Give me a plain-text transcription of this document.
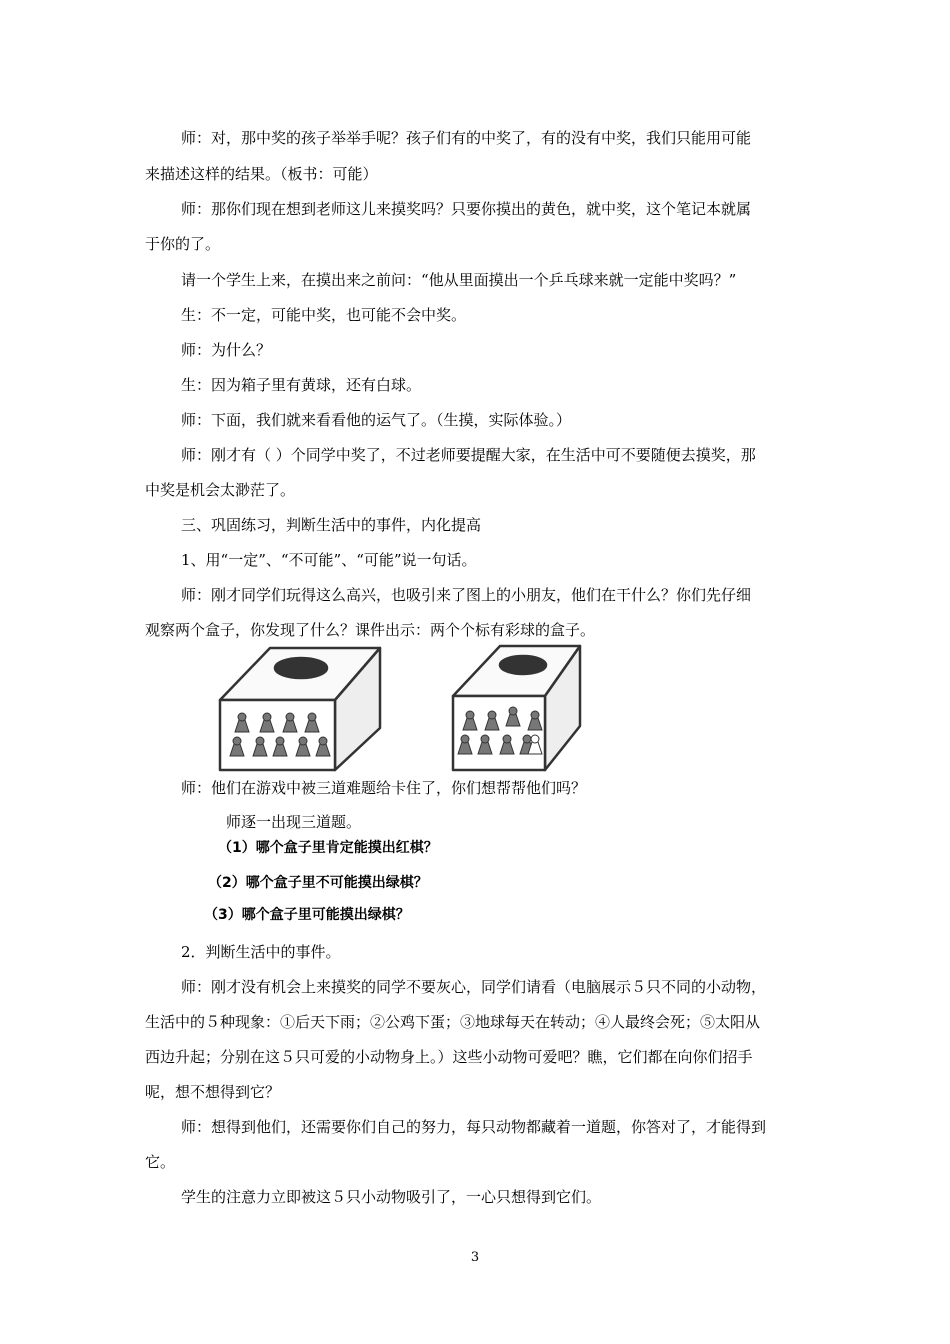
师：对，那中奖的孩子举举手呢？孩子们有的中奖了，有的没有中奖，我们只能用可能
来描述这样的结果。（板书：可能）
师：那你们现在想到老师这儿来摸奖吗？只要你摸出的黄色，就中奖，这个笔记本就属
于你的了。
请一个学生上来，在摸出来之前问：“他从里面摸出一个乒乓球来就一定能中奖吗？”
生：不一定，可能中奖，也可能不会中奖。
师：为什么？
生：因为箱子里有黄球，还有白球。
师：下面，我们就来看看他的运气了。（生摸，实际体验。）
师：刚才有（ ）个同学中奖了，不过老师要提醒大家，在生活中可不要随便去摸奖，那
中奖是机会太渺茫了。
三、巩固练习，判断生活中的事件，内化提高
1、用“一定”、“不可能”、“可能”说一句话。
师：刚才同学们玩得这么高兴，也吸引来了图上的小朋友，他们在干什么？你们先仔细
观察两个盒子，你发现了什么？课件出示：两个个标有彩球的盒子。
师：他们在游戏中被三道难题给卡住了，你们想帮帮他们吗？
师逐一出现三道题。
（1）哪个盒子里肯定能摸出红棋？
（2）哪个盒子里不可能摸出绿棋？
（3）哪个盒子里可能摸出绿棋？
2．判断生活中的事件。
师：刚才没有机会上来摸奖的同学不要灰心，同学们请看（电脑展示５只不同的小动物，
生活中的５种现象：①后天下雨；②公鸡下蛋；③地球每天在转动；④人最终会死；⑤太阳从
西边升起；分别在这５只可爱的小动物身上。）这些小动物可爱吧？瞧，它们都在向你们招手
呢，想不想得到它？
师：想得到他们，还需要你们自己的努力，每只动物都藏着一道题，你答对了，才能得到
它。
学生的注意力立即被这５只小动物吸引了，一心只想得到它们。
3
